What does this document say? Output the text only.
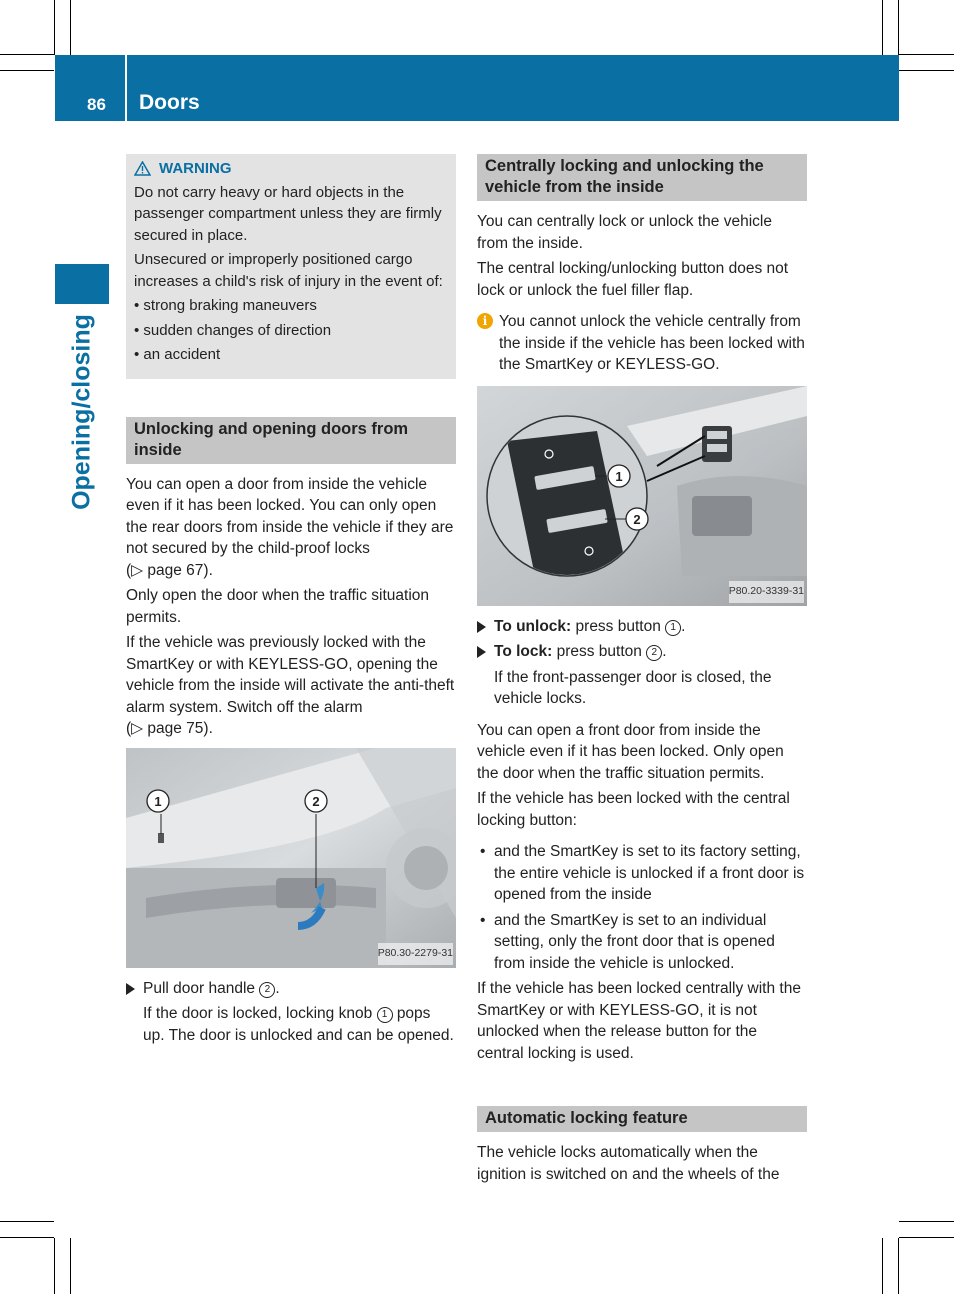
86 Doors
Opening/closing
WARNING

Do not carry heavy or hard objects in the passenger compartment unless they are firmly secured in place.

Unsecured or improperly positioned cargo increases a child's risk of injury in the event of:

• strong braking maneuvers
• sudden changes of direction
• an accident
Unlocking and opening doors from inside

You can open a door from inside the vehicle even if it has been locked. You can only open the rear doors from inside the vehicle if they are not secured by the child-proof locks
(▷ page 67).

Only open the door when the traffic situation permits.

If the vehicle was previously locked with the SmartKey or with KEYLESS-GO, opening the vehicle from the inside will activate the anti-theft alarm system. Switch off the alarm
(▷ page 75).

1	2
P80.30-2279-31
Pull door handle 2 .
If the door is locked, locking knob 1 pops up. The door is unlocked and can be opened.
Centrally locking and unlocking the vehicle from the inside

You can centrally lock or unlock the vehicle from the inside.

The central locking/unlocking button does not lock or unlock the fuel filler flap.

i You cannot unlock the vehicle centrally from the inside if the vehicle has been locked with the SmartKey or KEYLESS-GO.
1
2
P80.20-3339-31
To unlock: press button 1 .
To lock: press button 2 .
If the front-passenger door is closed, the vehicle locks.

You can open a front door from inside the vehicle even if it has been locked. Only open the door when the traffic situation permits.

If the vehicle has been locked with the central locking button:

• and the SmartKey is set to its factory setting, the entire vehicle is unlocked if a front door is opened from the inside
• and the SmartKey is set to an individual setting, only the front door that is opened from inside the vehicle is unlocked.

If the vehicle has been locked centrally with the SmartKey or with KEYLESS-GO, it is not unlocked when the release button for the central locking is used.

Automatic locking feature

The vehicle locks automatically when the ignition is switched on and the wheels of the
